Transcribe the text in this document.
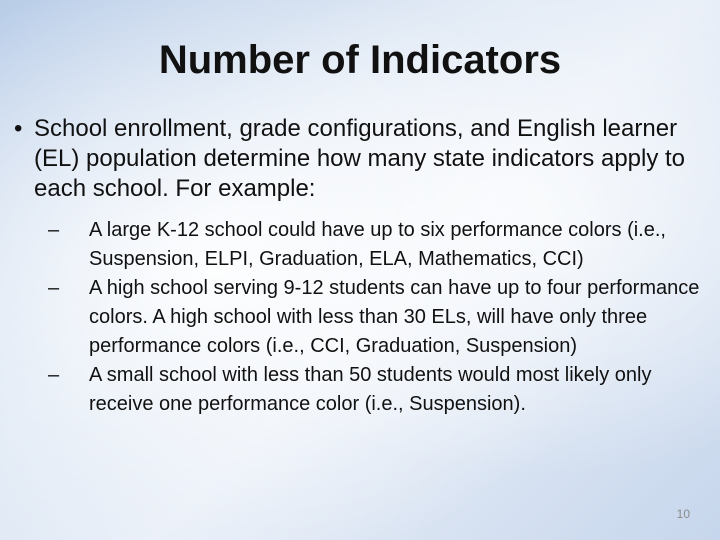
Number of Indicators
• School enrollment, grade configurations, and English learner (EL) population determine how many state indicators apply to each school. For example:
– A large K-12 school could have up to six performance colors (i.e., Suspension, ELPI, Graduation, ELA, Mathematics, CCI)
– A high school serving 9-12 students can have up to four performance colors. A high school with less than 30 ELs, will have only three performance colors (i.e., CCI, Graduation, Suspension)
– A small school with less than 50 students would most likely only receive one performance color (i.e., Suspension).
10
